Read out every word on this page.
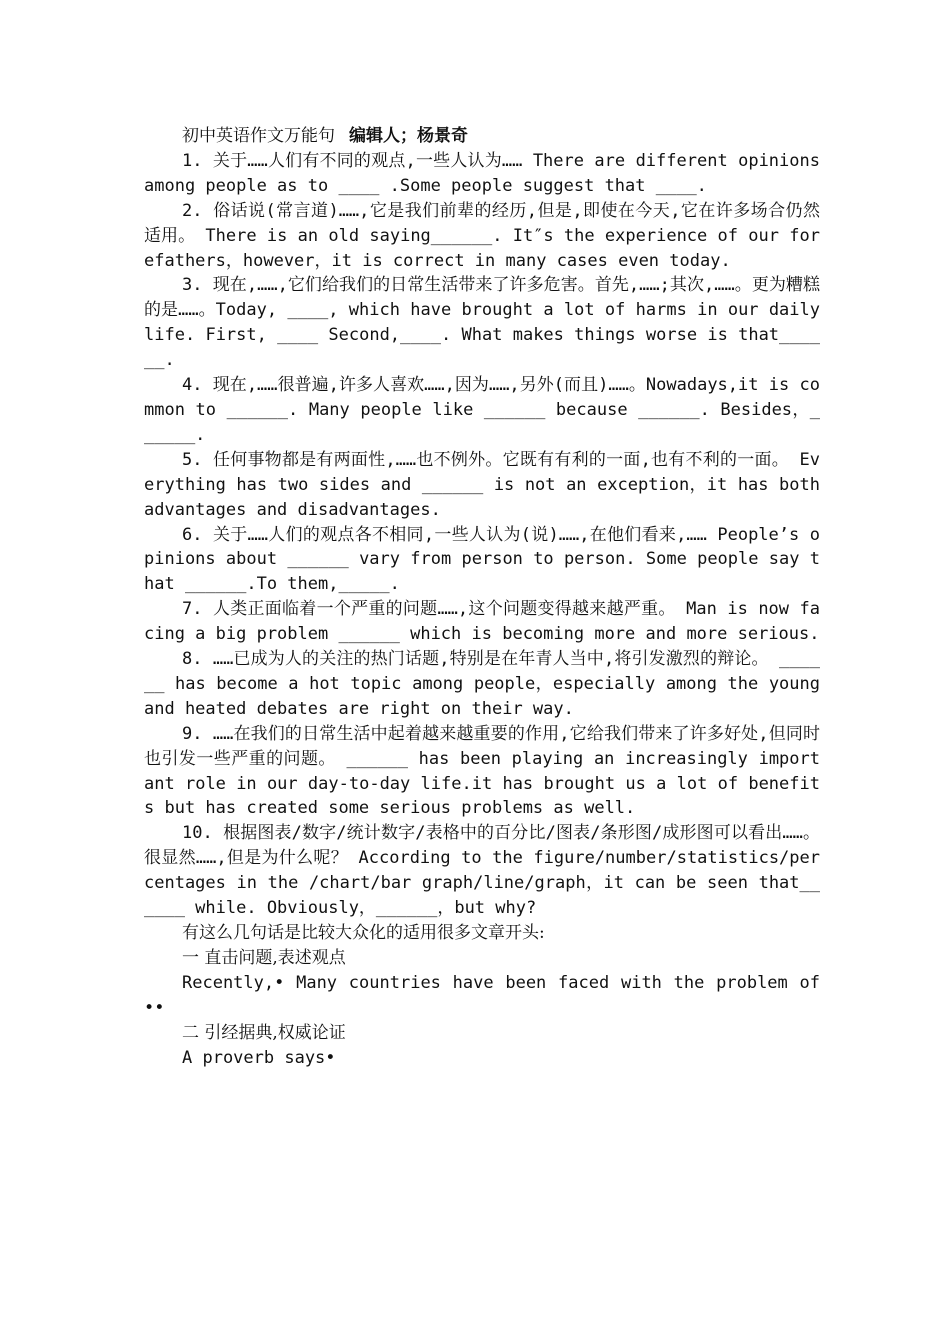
初中英语作文万能句 编辑人；杨景奇
1. 关于……人们有不同的观点,一些人认为…… There are different opinions among people as to ____ .Some people suggest that ____.
2. 俗话说(常言道)……,它是我们前辈的经历,但是,即使在今天,它在许多场合仍然适用。 There is an old saying______. It″s the experience of our forefathers，however，it is correct in many cases even today.
3. 现在,……,它们给我们的日常生活带来了许多危害。首先,……;其次,……。更为糟糕的是……。Today, ____, which have brought a lot of harms in our daily life. First, ____ Second,____. What makes things worse is that______.
4. 现在,……很普遍,许多人喜欢……,因为……,另外(而且)……。Nowadays,it is common to ______. Many people like ______ because ______. Besides，______.
5. 任何事物都是有两面性,……也不例外。它既有有利的一面,也有不利的一面。 Everything has two sides and ______ is not an exception，it has both advantages and disadvantages.
6. 关于……人们的观点各不相同,一些人认为(说)……,在他们看来,…… People’s opinions about ______ vary from person to person. Some people say that ______.To them,_____.
7. 人类正面临着一个严重的问题……,这个问题变得越来越严重。 Man is now facing a big problem ______ which is becoming more and more serious.
8. ……已成为人的关注的热门话题,特别是在年青人当中,将引发激烈的辩论。 ______ has become a hot topic among people，especially among the young and heated debates are right on their way.
9. ……在我们的日常生活中起着越来越重要的作用,它给我们带来了许多好处,但同时也引发一些严重的问题。 ______ has been playing an increasingly important role in our day-to-day life.it has brought us a lot of benefits but has created some serious problems as well.
10. 根据图表/数字/统计数字/表格中的百分比/图表/条形图/成形图可以看出……。很显然……,但是为什么呢？ According to the figure/number/statistics/percentages in the /chart/bar graph/line/graph，it can be seen that______ while. Obviously，______，but why?
有这么几句话是比较大众化的适用很多文章开头:
一 直击问题,表述观点
Recently,• Many countries have been faced with the problem of ••
二 引经据典,权威论证
A proverb says•
